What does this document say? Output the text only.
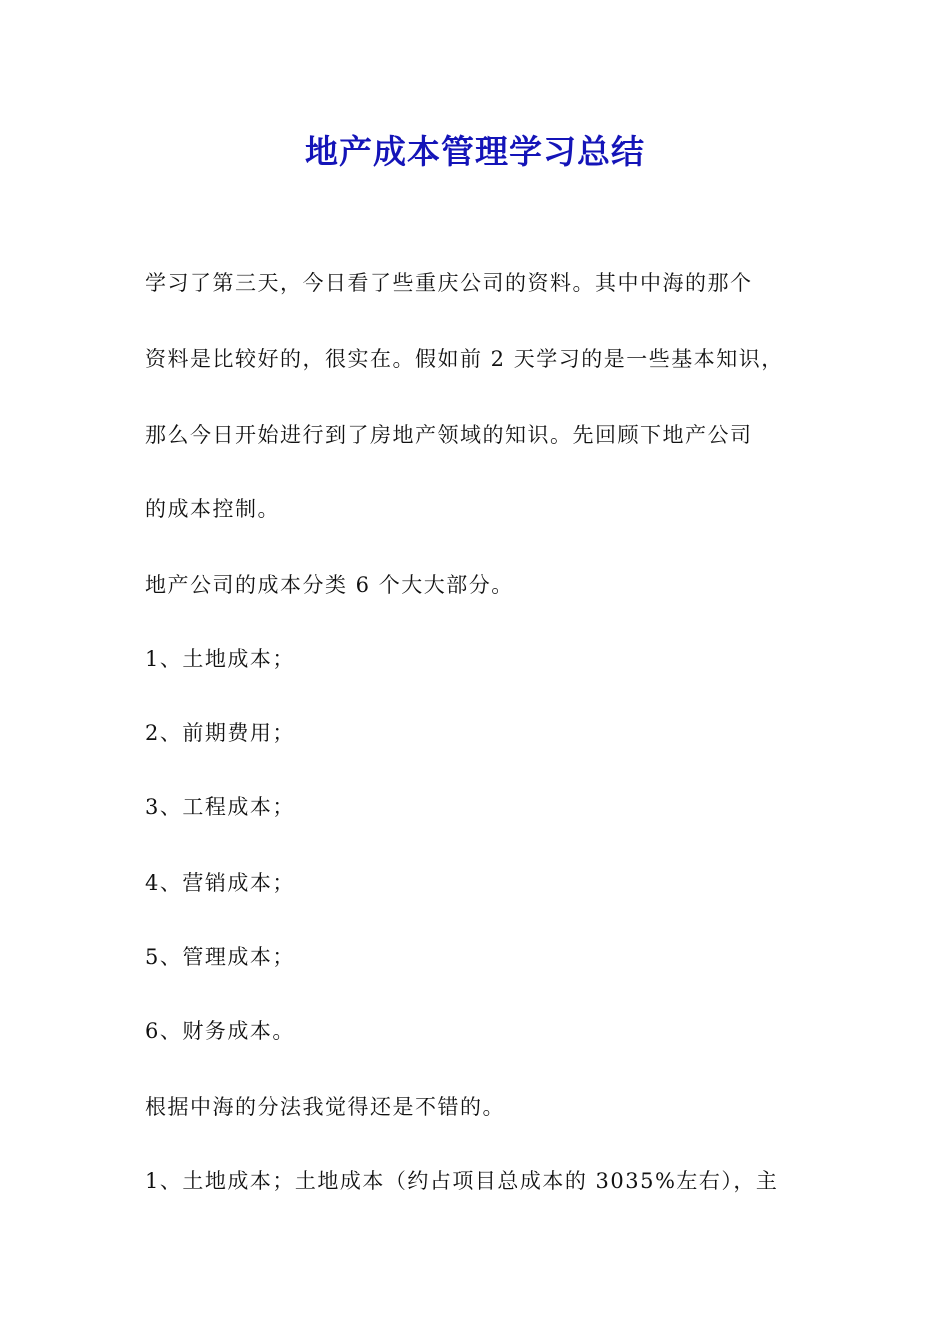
地产成本管理学习总结
学习了第三天，今日看了些重庆公司的资料。其中中海的那个
资料是比较好的，很实在。假如前 2 天学习的是一些基本知识，
那么今日开始进行到了房地产领域的知识。先回顾下地产公司
的成本控制。
地产公司的成本分类 6 个大大部分。
1、土地成本；
2、前期费用；
3、工程成本；
4、营销成本；
5、管理成本；
6、财务成本。
根据中海的分法我觉得还是不错的。
1、土地成本；土地成本（约占项目总成本的 3035%左右），主
